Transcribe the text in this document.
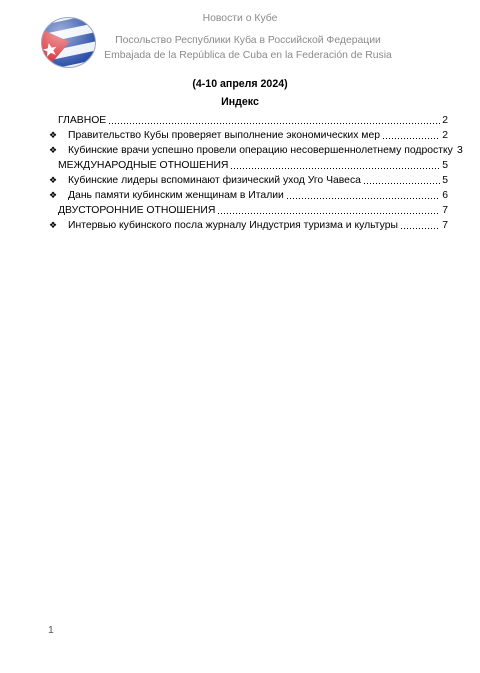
Новости о Кубе
Посольство Республики Куба в Российской Федерации
Embajada de la República de Cuba en la Federación de Rusia
(4-10 апреля 2024)
Индекс
ГЛАВНОЕ	2
❖	Правительство Кубы проверяет выполнение экономических мер	2
❖	Кубинские врачи успешно провели операцию несовершеннолетнему подростку 3
МЕЖДУНАРОДНЫЕ ОТНОШЕНИЯ	5
❖	Кубинские лидеры вспоминают физический уход Уго Чавеса	5
❖	Дань памяти кубинским женщинам в Италии	6
ДВУСТОРОННИЕ ОТНОШЕНИЯ	7
❖	Интервью кубинского посла журналу Индустрия туризма и культуры	7
1
